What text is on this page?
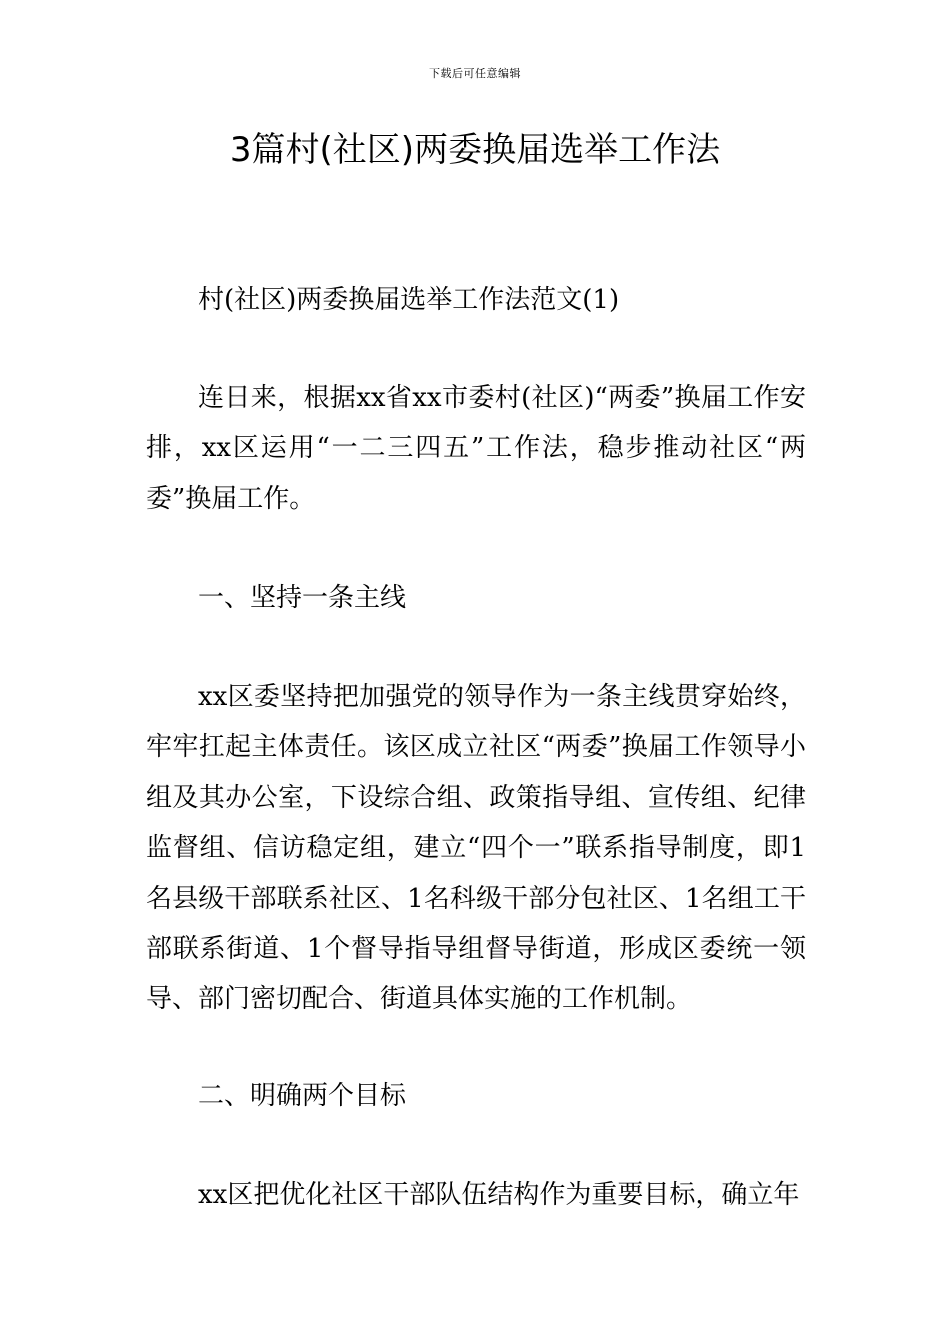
下载后可任意编辑
3篇村(社区)两委换届选举工作法

村(社区)两委换届选举工作法范文(1)

连日来，根据xx省xx市委村(社区)“两委”换届工作安排，xx区运用“一二三四五”工作法，稳步推动社区“两委”换届工作。

一、坚持一条主线

xx区委坚持把加强党的领导作为一条主线贯穿始终，牢牢扛起主体责任。该区成立社区“两委”换届工作领导小组及其办公室，下设综合组、政策指导组、宣传组、纪律监督组、信访稳定组，建立“四个一”联系指导制度，即1名县级干部联系社区、1名科级干部分包社区、1名组工干部联系街道、1个督导指导组督导街道，形成区委统一领导、部门密切配合、街道具体实施的工作机制。

二、明确两个目标

xx区把优化社区干部队伍结构作为重要目标，确立年
